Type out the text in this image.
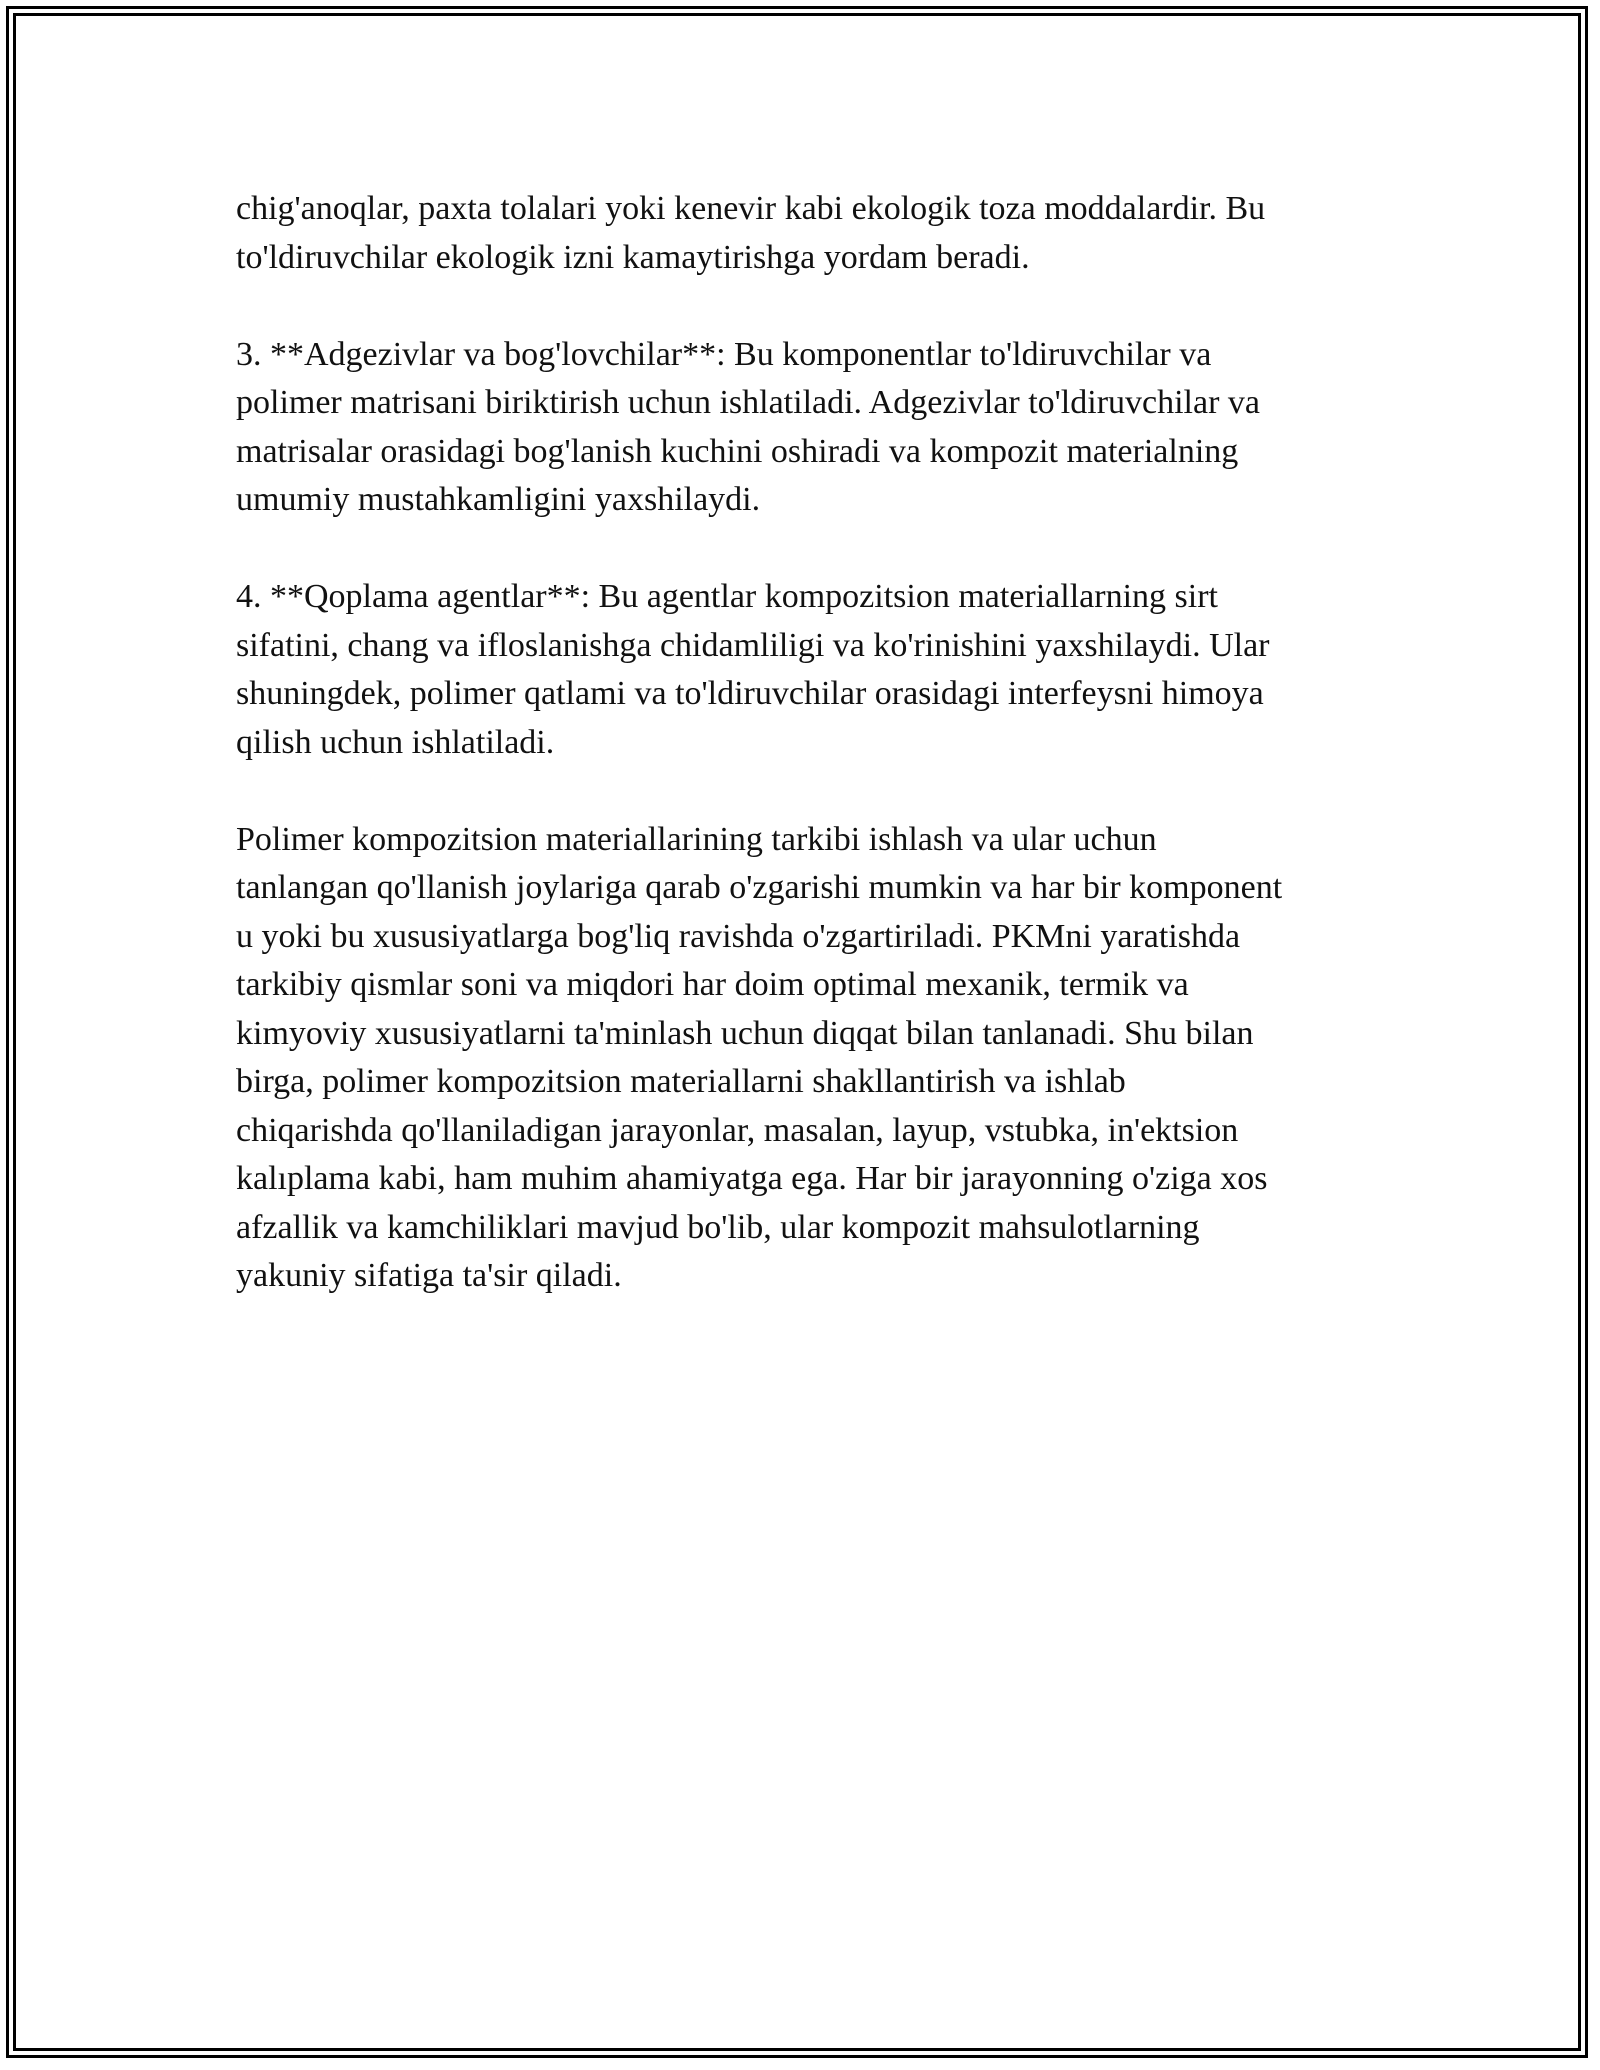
chig'anoqlar, paxta tolalari yoki kenevir kabi ekologik toza moddalardir. Bu
to'ldiruvchilar ekologik izni kamaytirishga yordam beradi.

3. **Adgezivlar va bog'lovchilar**: Bu komponentlar to'ldiruvchilar va
polimer matrisani biriktirish uchun ishlatiladi. Adgezivlar to'ldiruvchilar va
matrisalar orasidagi bog'lanish kuchini oshiradi va kompozit materialning
umumiy mustahkamligini yaxshilaydi.

4. **Qoplama agentlar**: Bu agentlar kompozitsion materiallarning sirt
sifatini, chang va ifloslanishga chidamliligi va ko'rinishini yaxshilaydi. Ular
shuningdek, polimer qatlami va to'ldiruvchilar orasidagi interfeysni himoya
qilish uchun ishlatiladi.

Polimer kompozitsion materiallarining tarkibi ishlash va ular uchun
tanlangan qo'llanish joylariga qarab o'zgarishi mumkin va har bir komponent
u yoki bu xususiyatlarga bog'liq ravishda o'zgartiriladi. PKMni yaratishda
tarkibiy qismlar soni va miqdori har doim optimal mexanik, termik va
kimyoviy xususiyatlarni ta'minlash uchun diqqat bilan tanlanadi. Shu bilan
birga, polimer kompozitsion materiallarni shakllantirish va ishlab
chiqarishda qo'llaniladigan jarayonlar, masalan, layup, vstubka, in'ektsion
kalıplama kabi, ham muhim ahamiyatga ega. Har bir jarayonning o'ziga xos
afzallik va kamchiliklari mavjud bo'lib, ular kompozit mahsulotlarning
yakuniy sifatiga ta'sir qiladi.
